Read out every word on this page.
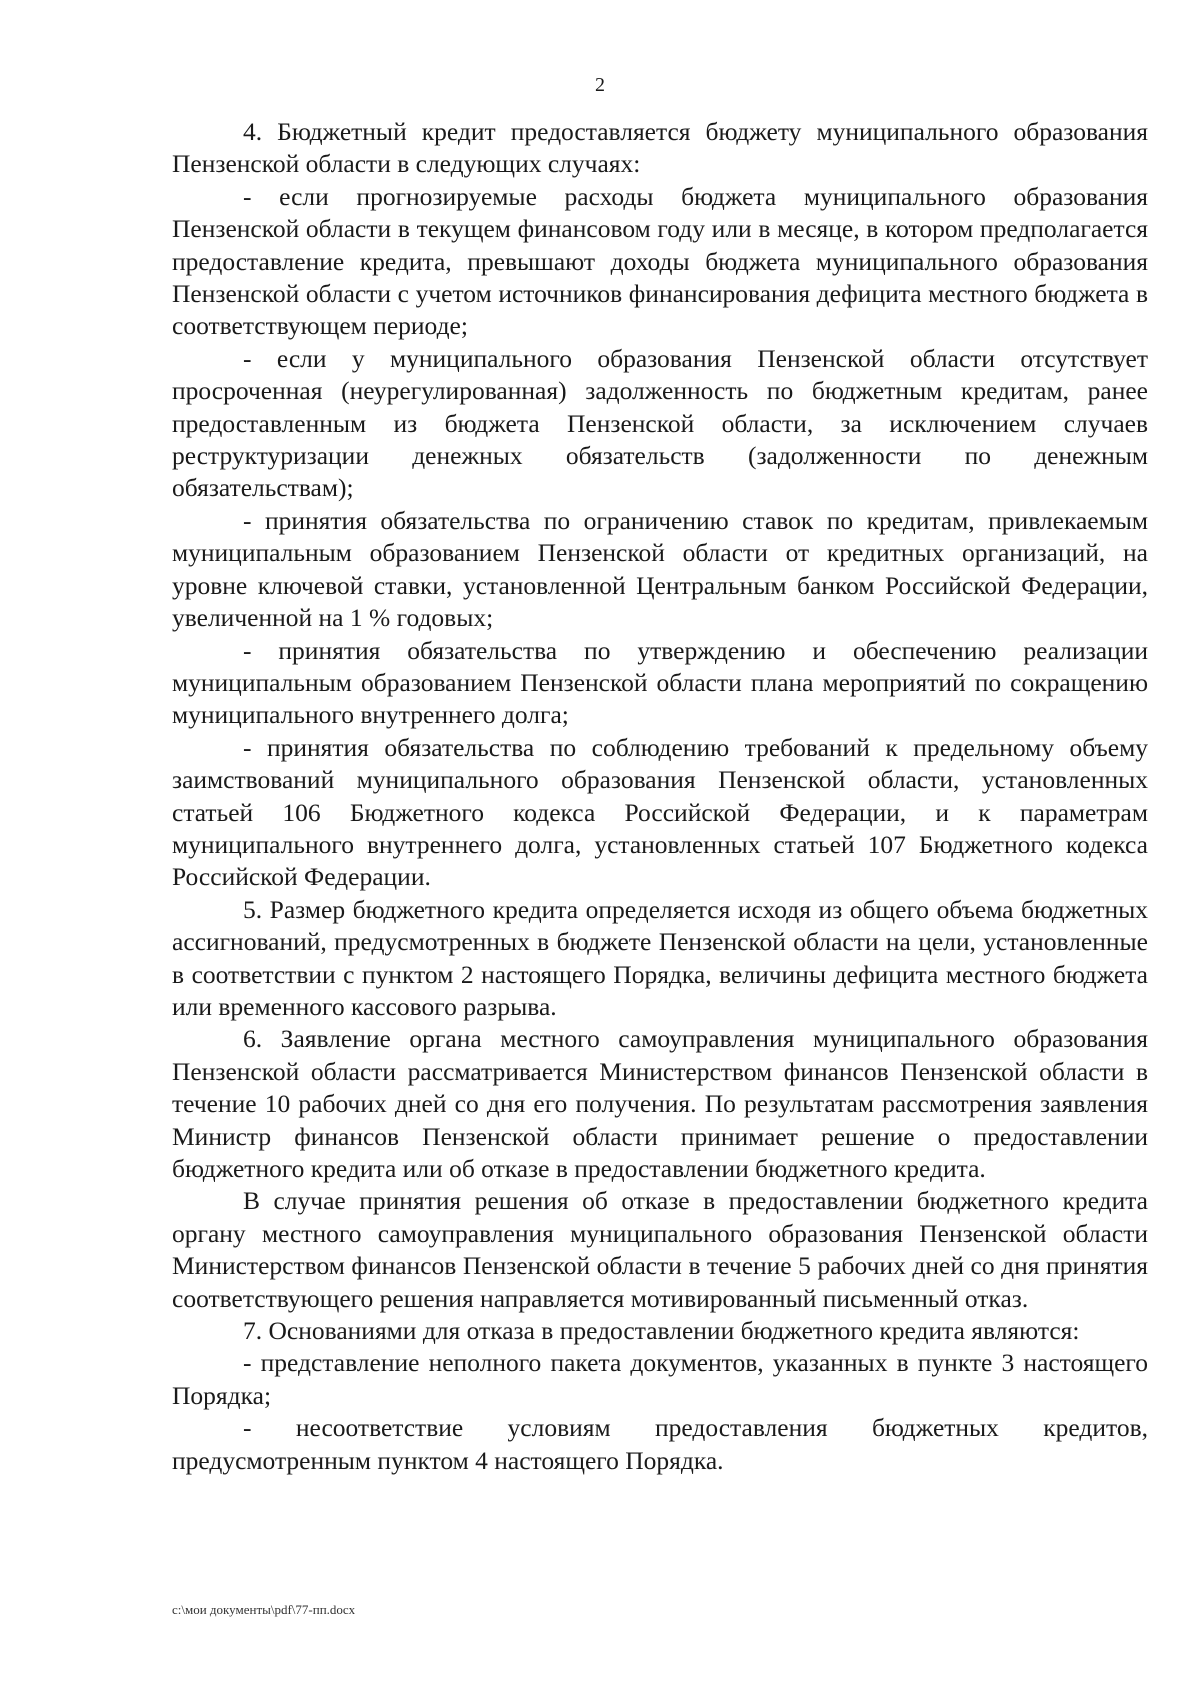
2

4. Бюджетный кредит предоставляется бюджету муниципального образования Пензенской области в следующих случаях:

- если прогнозируемые расходы бюджета муниципального образования Пензенской области в текущем финансовом году или в месяце, в котором предполагается предоставление кредита, превышают доходы бюджета муниципального образования Пензенской области с учетом источников финансирования дефицита местного бюджета в соответствующем периоде;

- если у муниципального образования Пензенской области отсутствует просроченная (неурегулированная) задолженность по бюджетным кредитам, ранее предоставленным из бюджета Пензенской области, за исключением случаев реструктуризации денежных обязательств (задолженности по денежным обязательствам);

- принятия обязательства по ограничению ставок по кредитам, привлекаемым муниципальным образованием Пензенской области от кредитных организаций, на уровне ключевой ставки, установленной Центральным банком Российской Федерации, увеличенной на 1 % годовых;

- принятия обязательства по утверждению и обеспечению реализации муниципальным образованием Пензенской области плана мероприятий по сокращению муниципального внутреннего долга;

- принятия обязательства по соблюдению требований к предельному объему заимствований муниципального образования Пензенской области, установленных статьей 106 Бюджетного кодекса Российской Федерации, и к параметрам муниципального внутреннего долга, установленных статьей 107 Бюджетного кодекса Российской Федерации.

5. Размер бюджетного кредита определяется исходя из общего объема бюджетных ассигнований, предусмотренных в бюджете Пензенской области на цели, установленные в соответствии с пунктом 2 настоящего Порядка, величины дефицита местного бюджета или временного кассового разрыва.

6. Заявление органа местного самоуправления муниципального образования Пензенской области рассматривается Министерством финансов Пензенской области в течение 10 рабочих дней со дня его получения. По результатам рассмотрения заявления Министр финансов Пензенской области принимает решение о предоставлении бюджетного кредита или об отказе в предоставлении бюджетного кредита.

В случае принятия решения об отказе в предоставлении бюджетного кредита органу местного самоуправления муниципального образования Пензенской области Министерством финансов Пензенской области в течение 5 рабочих дней со дня принятия соответствующего решения направляется мотивированный письменный отказ.

7. Основаниями для отказа в предоставлении бюджетного кредита являются:

- представление неполного пакета документов, указанных в пункте 3 настоящего Порядка;

- несоответствие условиям предоставления бюджетных кредитов, предусмотренным пунктом 4 настоящего Порядка.

c:\мои документы\pdf\77-пп.docx
